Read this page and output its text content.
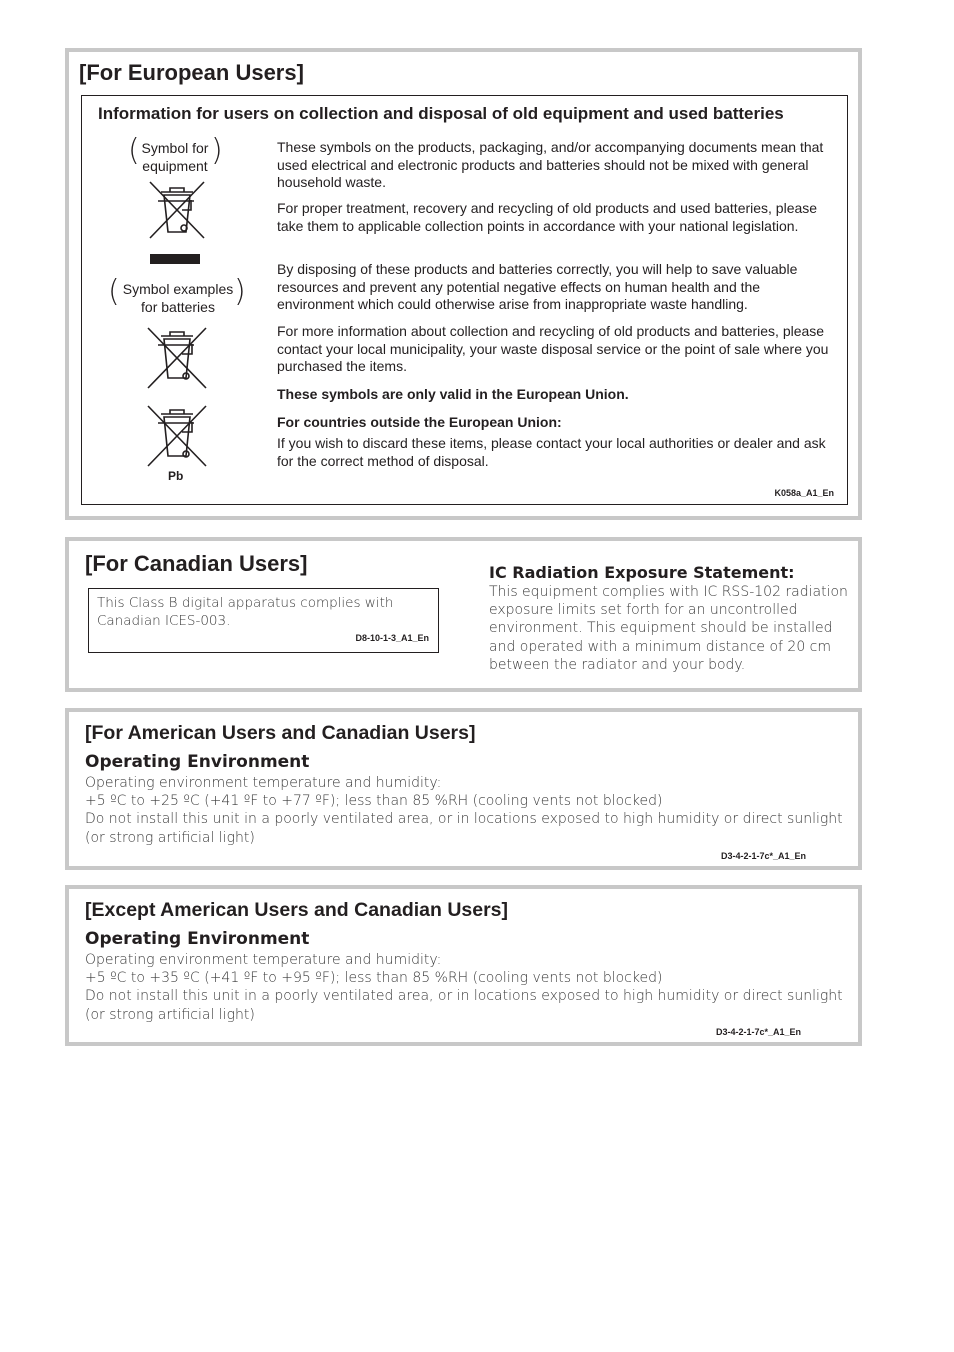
[For European Users]
Information for users on collection and disposal of old equipment and used batteries
( Symbol for
equipment )
( Symbol examples
for batteries )
Pb

These symbols on the products, packaging, and/or accompanying documents mean that used electrical and electronic products and batteries should not be mixed with general household waste.

For proper treatment, recovery and recycling of old products and used batteries, please take them to applicable collection points in accordance with your national legislation.

By disposing of these products and batteries correctly, you will help to save valuable resources and prevent any potential negative effects on human health and the environment which could otherwise arise from inappropriate waste handling.

For more information about collection and recycling of old products and batteries, please contact your local municipality, your waste disposal service or the point of sale where you purchased the items.

These symbols are only valid in the European Union.

For countries outside the European Union:

If you wish to discard these items, please contact your local authorities or dealer and ask for the correct method of disposal.

K058a_A1_En
[For Canadian Users]
This Class B digital apparatus complies with Canadian ICES-003.
D8-10-1-3_A1_En
IC Radiation Exposure Statement:
This equipment complies with IC RSS-102 radiation exposure limits set forth for an uncontrolled environment. This equipment should be installed and operated with a minimum distance of 20 cm between the radiator and your body.
[For American Users and Canadian Users]
Operating Environment
Operating environment temperature and humidity:
+5 ºC to +25 ºC (+41 ºF to +77 ºF); less than 85 %RH (cooling vents not blocked)
Do not install this unit in a poorly ventilated area, or in locations exposed to high humidity or direct sunlight
(or strong artificial light)
D3-4-2-1-7c*_A1_En
[Except American Users and Canadian Users]
Operating Environment
Operating environment temperature and humidity:
+5 ºC to +35 ºC (+41 ºF to +95 ºF); less than 85 %RH (cooling vents not blocked)
Do not install this unit in a poorly ventilated area, or in locations exposed to high humidity or direct sunlight
(or strong artificial light)
D3-4-2-1-7c*_A1_En
